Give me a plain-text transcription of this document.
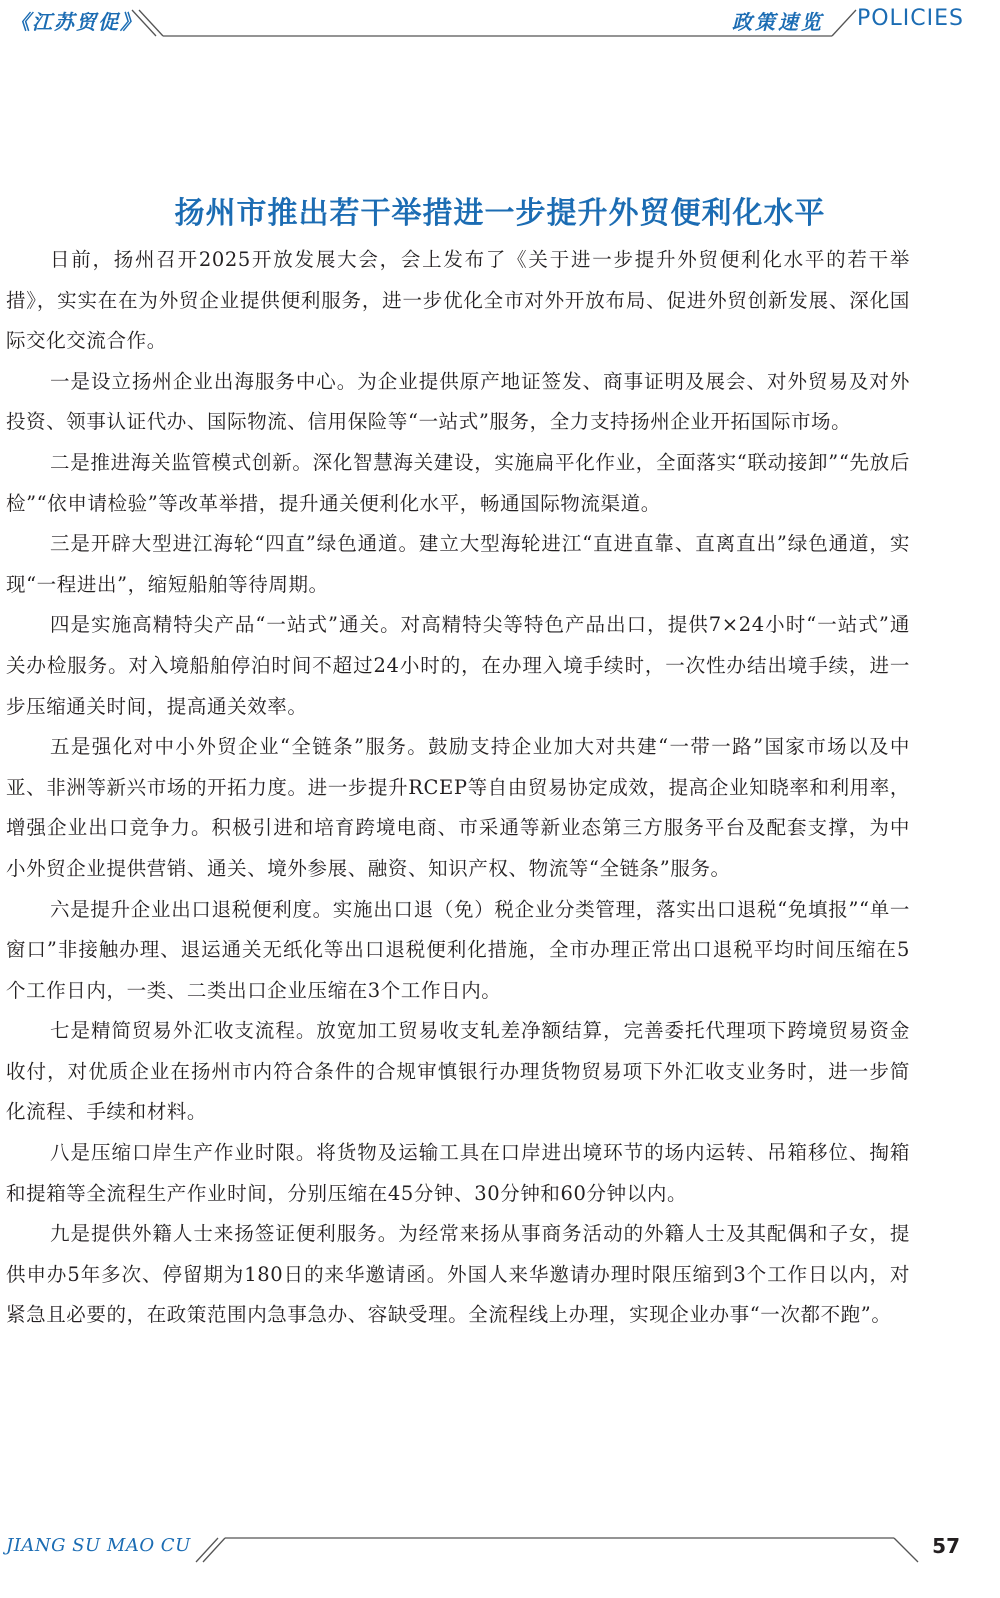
《江苏贸促》	政策速览 POLICIES
扬州市推出若干举措进一步提升外贸便利化水平

日前，扬州召开2025开放发展大会，会上发布了《关于进一步提升外贸便利化水平的若干举措》，实实在在为外贸企业提供便利服务，进一步优化全市对外开放布局、促进外贸创新发展、深化国际交化交流合作。

一是设立扬州企业出海服务中心。为企业提供原产地证签发、商事证明及展会、对外贸易及对外投资、领事认证代办、国际物流、信用保险等“一站式”服务，全力支持扬州企业开拓国际市场。

二是推进海关监管模式创新。深化智慧海关建设，实施扁平化作业，全面落实“联动接卸”“先放后检”“依申请检验”等改革举措，提升通关便利化水平，畅通国际物流渠道。

三是开辟大型进江海轮“四直”绿色通道。建立大型海轮进江“直进直靠、直离直出”绿色通道，实现“一程进出”，缩短船舶等待周期。

四是实施高精特尖产品“一站式”通关。对高精特尖等特色产品出口，提供7×24小时“一站式”通关办检服务。对入境船舶停泊时间不超过24小时的，在办理入境手续时，一次性办结出境手续，进一步压缩通关时间，提高通关效率。

五是强化对中小外贸企业“全链条”服务。鼓励支持企业加大对共建“一带一路”国家市场以及中亚、非洲等新兴市场的开拓力度。进一步提升RCEP等自由贸易协定成效，提高企业知晓率和利用率，增强企业出口竞争力。积极引进和培育跨境电商、市采通等新业态第三方服务平台及配套支撑，为中小外贸企业提供营销、通关、境外参展、融资、知识产权、物流等“全链条”服务。

六是提升企业出口退税便利度。实施出口退（免）税企业分类管理，落实出口退税“免填报”“单一窗口”非接触办理、退运通关无纸化等出口退税便利化措施，全市办理正常出口退税平均时间压缩在5个工作日内，一类、二类出口企业压缩在3个工作日内。

七是精简贸易外汇收支流程。放宽加工贸易收支轧差净额结算，完善委托代理项下跨境贸易资金收付，对优质企业在扬州市内符合条件的合规审慎银行办理货物贸易项下外汇收支业务时，进一步简化流程、手续和材料。

八是压缩口岸生产作业时限。将货物及运输工具在口岸进出境环节的场内运转、吊箱移位、掏箱和提箱等全流程生产作业时间，分别压缩在45分钟、30分钟和60分钟以内。

九是提供外籍人士来扬签证便利服务。为经常来扬从事商务活动的外籍人士及其配偶和子女，提供申办5年多次、停留期为180日的来华邀请函。外国人来华邀请办理时限压缩到3个工作日以内，对紧急且必要的，在政策范围内急事急办、容缺受理。全流程线上办理，实现企业办事“一次都不跑”。

JIANG SU MAO CU	57
